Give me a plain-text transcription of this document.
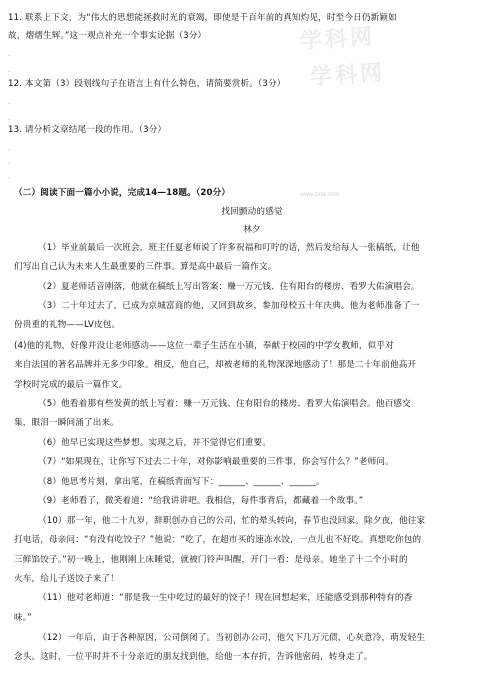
学科网
学科网
www.zxxk.com
11. 联系上下文，为“伟大的思想能拯救时光的衰竭，即使是千百年前的真知灼见，时至今日仍新颖如
故，熠熠生辉。”这一观点补充一个事实论据（3分）
.
.
12. 本文第（3）段划线句子在语言上有什么特色，请简要赏析。（3分）
.
.
13. 请分析文章结尾一段的作用。（3分）
.
.
.
（二）阅读下面一篇小小说，完成14—18题。（20分）
找回颤动的感觉
林夕
（1）毕业前最后一次班会，班主任夏老师说了许多祝福和叮咛的话，然后发给每人一张稿纸，让他
们写出自己认为未来人生最重要的三件事。算是高中最后一篇作文。
（2）夏老师话音刚落，他就在稿纸上写出答案：赚一万元钱、住有阳台的楼房、看罗大佑演唱会。
（3）二十年过去了，已成为京城富商的他，又回到故乡，参加母校五十年庆典。他为老师准备了一
份贵重的礼物——LV皮包。
(4)他的礼物，好像并没让老师感动——这位一辈子生活在小镇，奉献于校园的中学女教师，似乎对
来自法国的著名品牌并无多少印象。相反，他自己，却被老师的礼物深深地感动了！那是二十年前他高开
学校时完成的最后一篇作文。
（5）他看着那有些发黄的纸上写着：赚一万元钱、住有阳台的楼房、看罗大佑演唱会。他百感交
集，眼泪一瞬间涌了出来。
（6）他早已实现这些梦想。实现之后，并不觉得它们重要。
（7）“如果现在，让你写下过去二十年，对你影响最重要的三件事，你会写什么？”老师问。
（8）他思考片刻，拿出笔，在稿纸背面写下：______、______、______。
（9）老师看了，微笑着道：“给我讲讲吧。我相信，每件事背后，都藏着一个故事。”
（10）那一年，他二十九岁，辞职创办自己的公司，忙的晕头转向，春节也没回家。除夕夜，他往家
打电话，母亲问：“有没有吃饺子？”他说：“吃了，在超市买的速冻水饺，一点儿也不好吃。真想吃你包的
三鲜馅饺子。”初一晚上，他刚刚上床睡觉，就被门铃声叫醒，开门一看：是母亲。她坐了十二个小时的
火车，给儿子送饺子来了！
（11）他对老师道：“那是我一生中吃过的最好的饺子！现在回想起来，还能感受到那种特有的香
味。”
（12）一年后，由于各种原因，公司倒闭了。当初创办公司，他欠下几万元债，心灰意冷，萌发轻生
念头。这时，一位平时并不十分亲近的朋友找到他，给他一本存折，告诉他密码，转身走了。
